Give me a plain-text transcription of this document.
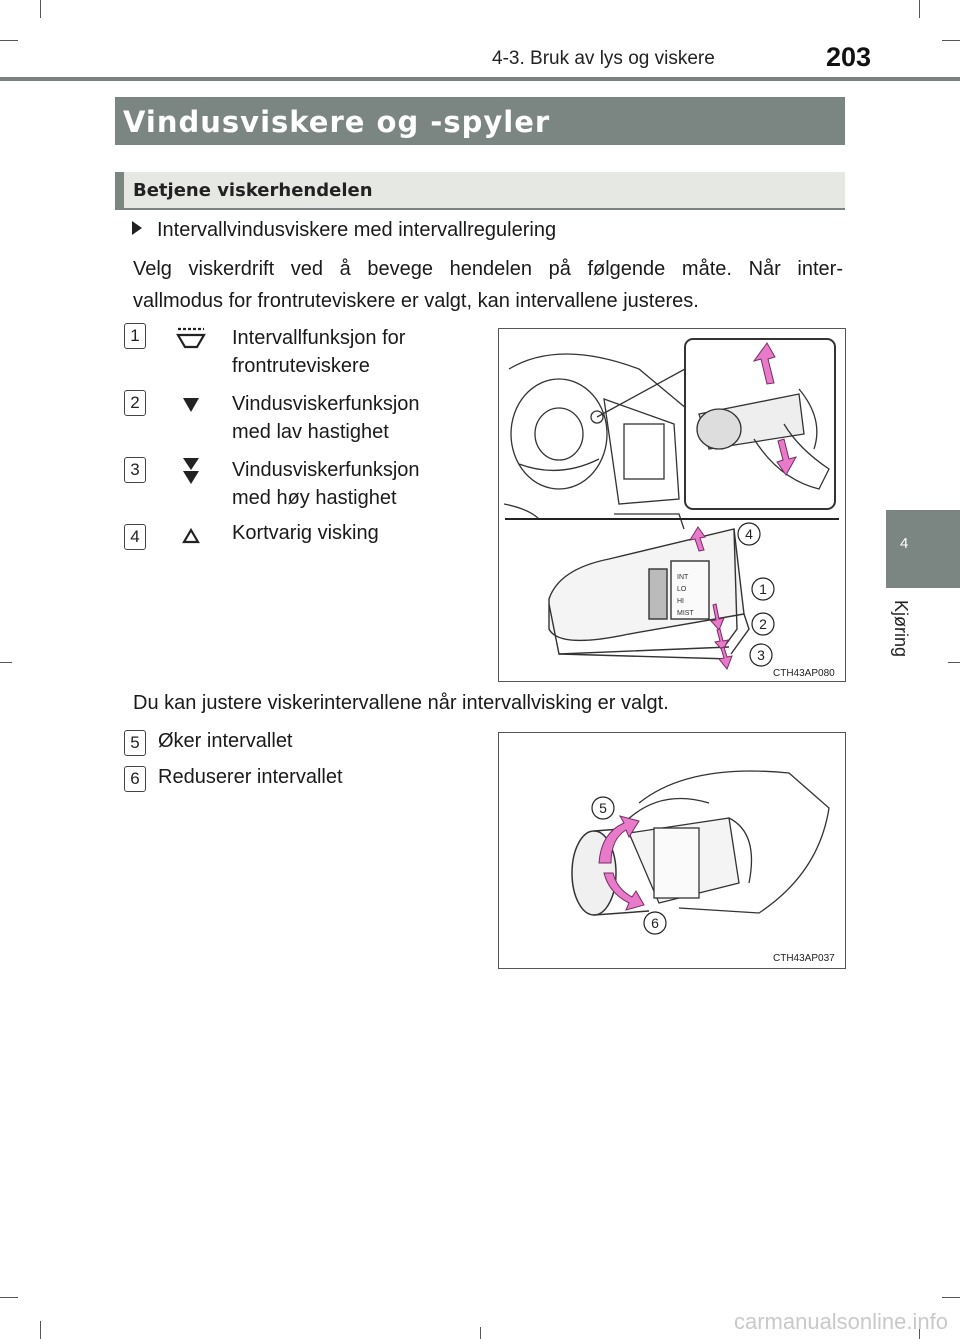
4-3. Bruk av lys og viskere	203
Vindusviskere og -spyler
Betjene viskerhendelen
4
Kjøring
Intervallvindusviskere med intervallregulering
Velg viskerdrift ved å bevege hendelen på følgende måte. Når inter-
vallmodus for frontruteviskere er valgt, kan intervallene justeres.
1	Intervallfunksjon for
frontruteviskere
2	Vindusviskerfunksjon
med lav hastighet
3	Vindusviskerfunksjon
med høy hastighet
4	Kortvarig visking
INT
LO
HI
MIST
4
1
2
3
CTH43AP080
Du kan justere viskerintervallene når intervallvisking er valgt.
5 Øker intervallet
6 Reduserer intervallet
5
6
CTH43AP037
carmanualsonline.info
